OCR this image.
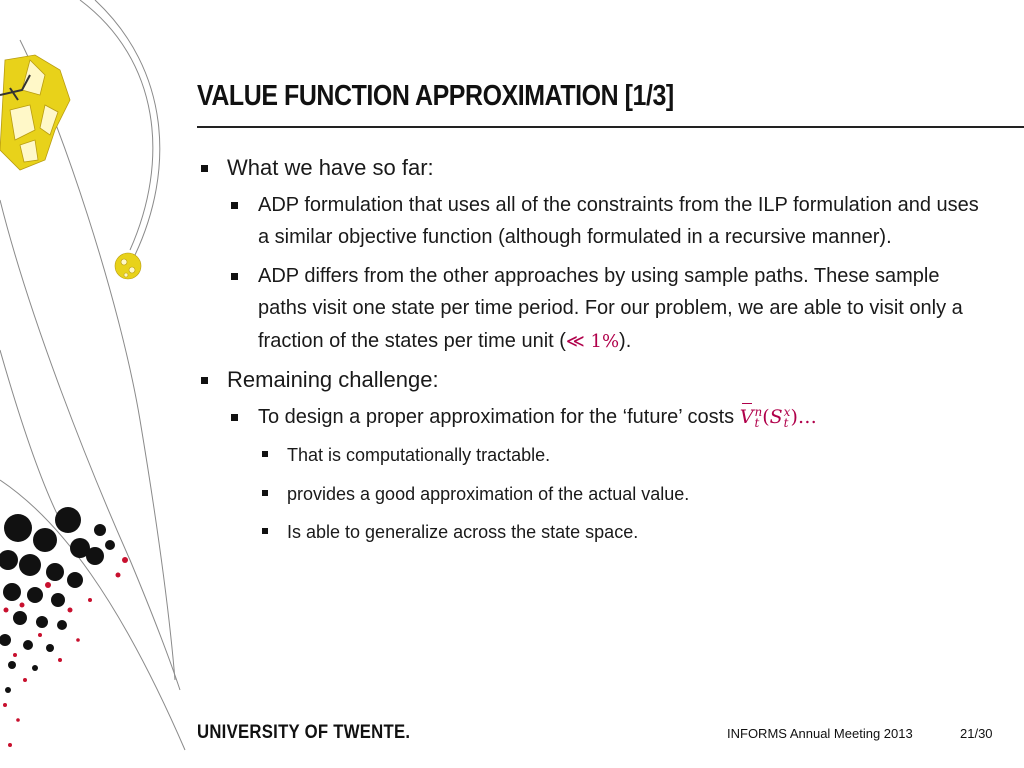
VALUE FUNCTION APPROXIMATION [1/3]
What we have so far:
ADP formulation that uses all of the constraints from the ILP formulation and uses a similar objective function (although formulated in a recursive manner).
ADP differs from the other approaches by using sample paths. These sample paths visit one state per time period. For our problem, we are able to visit only a fraction of the states per time unit (≪ 1%).
Remaining challenge:
To design a proper approximation for the ‘future’ costs V n
t (S x
t )…
That is computationally tractable.
provides a good approximation of the actual value.
Is able to generalize across the state space.
UNIVERSITY OF TWENTE.	INFORMS Annual Meeting 2013	21/30
